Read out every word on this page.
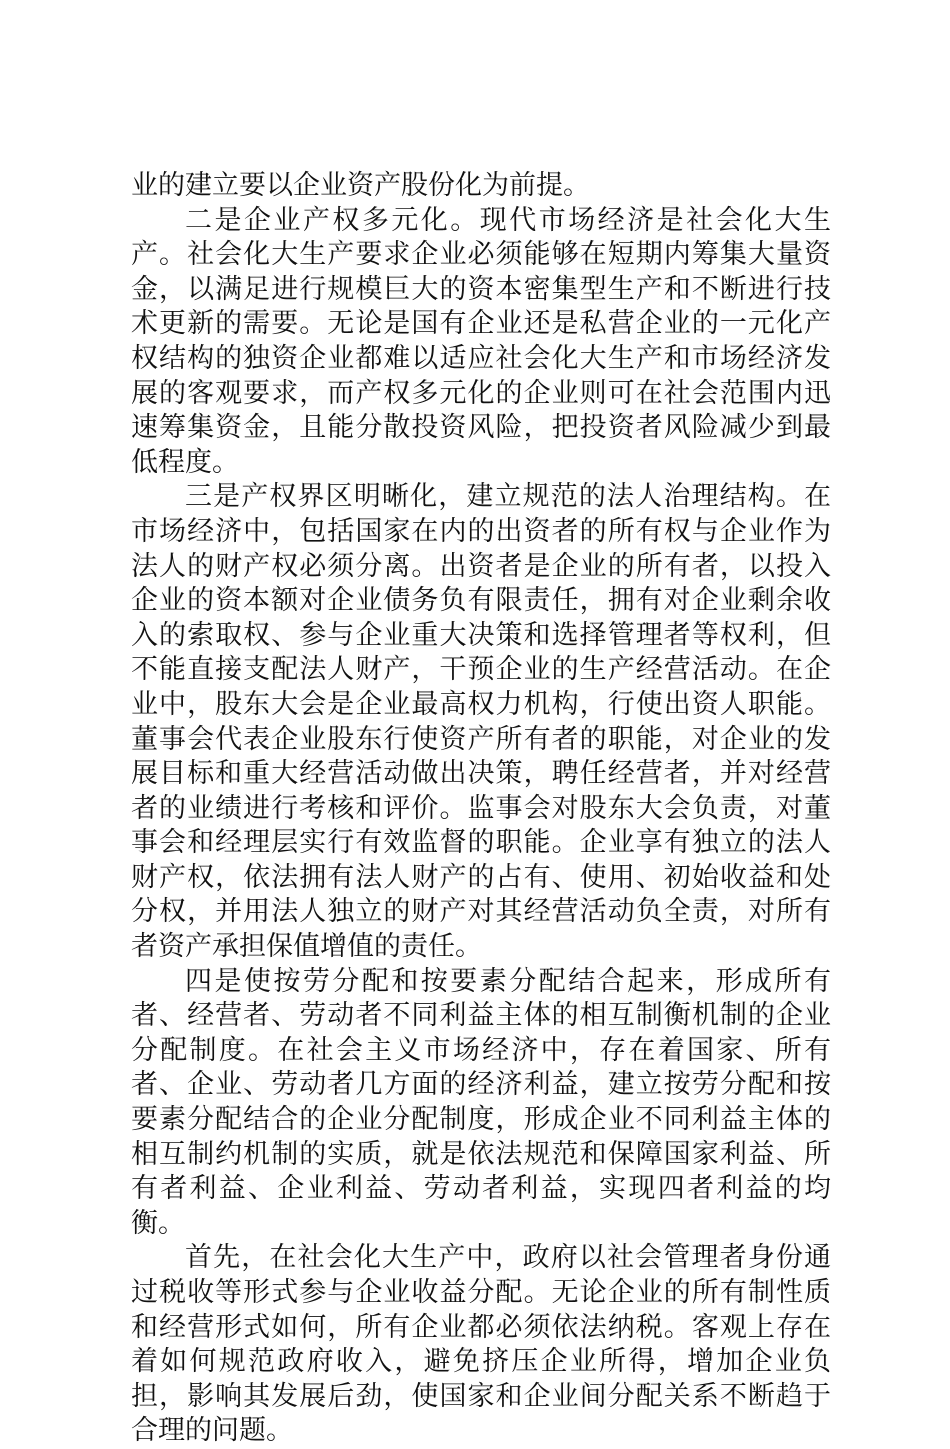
业的建立要以企业资产股份化为前提。

二是企业产权多元化。现代市场经济是社会化大生产。社会化大生产要求企业必须能够在短期内筹集大量资金，以满足进行规模巨大的资本密集型生产和不断进行技术更新的需要。无论是国有企业还是私营企业的一元化产权结构的独资企业都难以适应社会化大生产和市场经济发展的客观要求，而产权多元化的企业则可在社会范围内迅速筹集资金，且能分散投资风险，把投资者风险减少到最低程度。

三是产权界区明晰化，建立规范的法人治理结构。在市场经济中，包括国家在内的出资者的所有权与企业作为法人的财产权必须分离。出资者是企业的所有者，以投入企业的资本额对企业债务负有限责任，拥有对企业剩余收入的索取权、参与企业重大决策和选择管理者等权利，但不能直接支配法人财产，干预企业的生产经营活动。在企业中，股东大会是企业最高权力机构，行使出资人职能。董事会代表企业股东行使资产所有者的职能，对企业的发展目标和重大经营活动做出决策，聘任经营者，并对经营者的业绩进行考核和评价。监事会对股东大会负责，对董事会和经理层实行有效监督的职能。企业享有独立的法人财产权，依法拥有法人财产的占有、使用、初始收益和处分权，并用法人独立的财产对其经营活动负全责，对所有者资产承担保值增值的责任。

四是使按劳分配和按要素分配结合起来，形成所有者、经营者、劳动者不同利益主体的相互制衡机制的企业分配制度。在社会主义市场经济中，存在着国家、所有者、企业、劳动者几方面的经济利益，建立按劳分配和按要素分配结合的企业分配制度，形成企业不同利益主体的相互制约机制的实质，就是依法规范和保障国家利益、所有者利益、企业利益、劳动者利益，实现四者利益的均衡。

首先，在社会化大生产中，政府以社会管理者身份通过税收等形式参与企业收益分配。无论企业的所有制性质和经营形式如何，所有企业都必须依法纳税。客观上存在着如何规范政府收入，避免挤压企业所得，增加企业负担，影响其发展后劲，使国家和企业间分配关系不断趋于合理的问题。
